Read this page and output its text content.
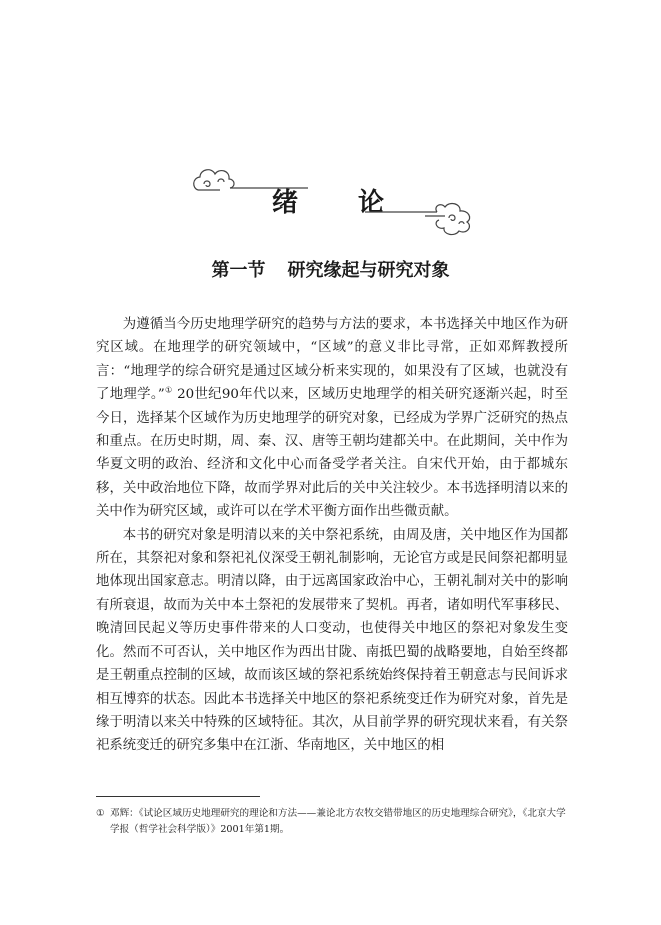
绪论
第一节 研究缘起与研究对象

为遵循当今历史地理学研究的趋势与方法的要求，本书选择关中地区作为研究区域。在地理学的研究领域中，“区域”的意义非比寻常，正如邓辉教授所言：“地理学的综合研究是通过区域分析来实现的，如果没有了区域，也就没有了地理学。”① 20世纪90年代以来，区域历史地理学的相关研究逐渐兴起，时至今日，选择某个区域作为历史地理学的研究对象，已经成为学界广泛研究的热点和重点。在历史时期，周、秦、汉、唐等王朝均建都关中。在此期间，关中作为华夏文明的政治、经济和文化中心而备受学者关注。自宋代开始，由于都城东移，关中政治地位下降，故而学界对此后的关中关注较少。本书选择明清以来的关中作为研究区域，或许可以在学术平衡方面作出些微贡献。

本书的研究对象是明清以来的关中祭祀系统，由周及唐，关中地区作为国都所在，其祭祀对象和祭祀礼仪深受王朝礼制影响，无论官方或是民间祭祀都明显地体现出国家意志。明清以降，由于远离国家政治中心，王朝礼制对关中的影响有所衰退，故而为关中本土祭祀的发展带来了契机。再者，诸如明代军事移民、晚清回民起义等历史事件带来的人口变动，也使得关中地区的祭祀对象发生变化。然而不可否认，关中地区作为西出甘陇、南抵巴蜀的战略要地，自始至终都是王朝重点控制的区域，故而该区域的祭祀系统始终保持着王朝意志与民间诉求相互博弈的状态。因此本书选择关中地区的祭祀系统变迁作为研究对象，首先是缘于明清以来关中特殊的区域特征。其次，从目前学界的研究现状来看，有关祭祀系统变迁的研究多集中在江浙、华南地区，关中地区的相

① 邓辉：《试论区域历史地理研究的理论和方法——兼论北方农牧交错带地区的历史地理综合研究》，《北京大学学报（哲学社会科学版）》2001年第1期。
